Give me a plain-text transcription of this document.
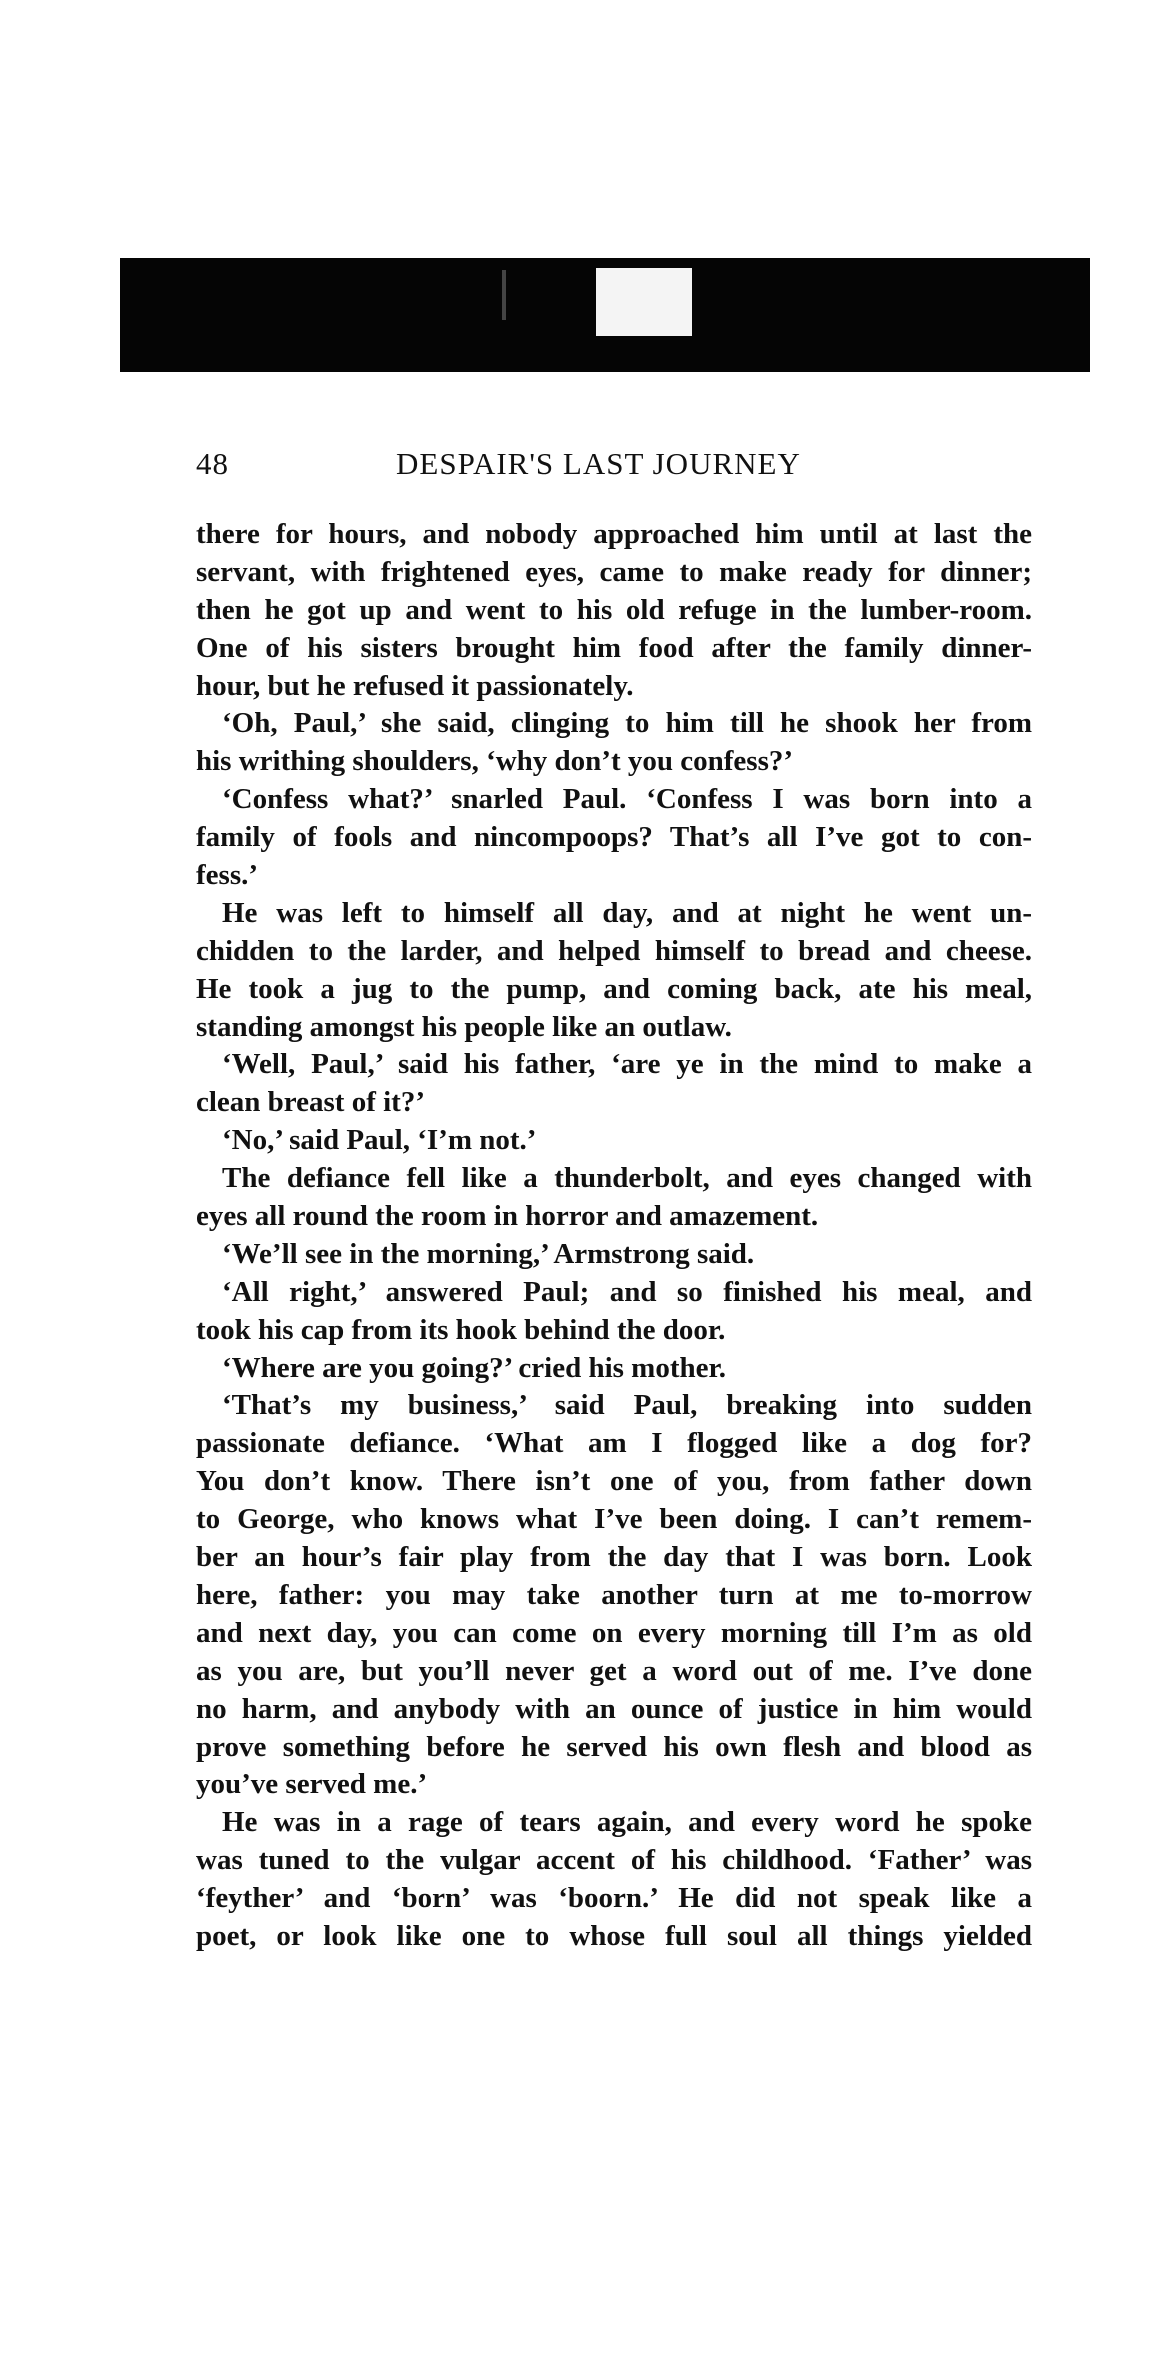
48	DESPAIR'S LAST JOURNEY
there for hours, and nobody approached him until at last the
servant, with frightened eyes, came to make ready for dinner;
then he got up and went to his old refuge in the lumber-room.
One of his sisters brought him food after the family dinner-
hour, but he refused it passionately.
‘Oh, Paul,’ she said, clinging to him till he shook her from
his writhing shoulders, ‘why don’t you confess?’
‘Confess what?’ snarled Paul. ‘Confess I was born into a
family of fools and nincompoops? That’s all I’ve got to con-
fess.’
He was left to himself all day, and at night he went un-
chidden to the larder, and helped himself to bread and cheese.
He took a jug to the pump, and coming back, ate his meal,
standing amongst his people like an outlaw.
‘Well, Paul,’ said his father, ‘are ye in the mind to make a
clean breast of it?’
‘No,’ said Paul, ‘I’m not.’
The defiance fell like a thunderbolt, and eyes changed with
eyes all round the room in horror and amazement.
‘We’ll see in the morning,’ Armstrong said.
‘All right,’ answered Paul; and so finished his meal, and
took his cap from its hook behind the door.
‘Where are you going?’ cried his mother.
‘That’s my business,’ said Paul, breaking into sudden
passionate defiance. ‘What am I flogged like a dog for?
You don’t know. There isn’t one of you, from father down
to George, who knows what I’ve been doing. I can’t remem-
ber an hour’s fair play from the day that I was born. Look
here, father: you may take another turn at me to-morrow
and next day, you can come on every morning till I’m as old
as you are, but you’ll never get a word out of me. I’ve done
no harm, and anybody with an ounce of justice in him would
prove something before he served his own flesh and blood as
you’ve served me.’
He was in a rage of tears again, and every word he spoke
was tuned to the vulgar accent of his childhood. ‘Father’ was
‘feyther’ and ‘born’ was ‘boorn.’ He did not speak like a
poet, or look like one to whose full soul all things yielded
